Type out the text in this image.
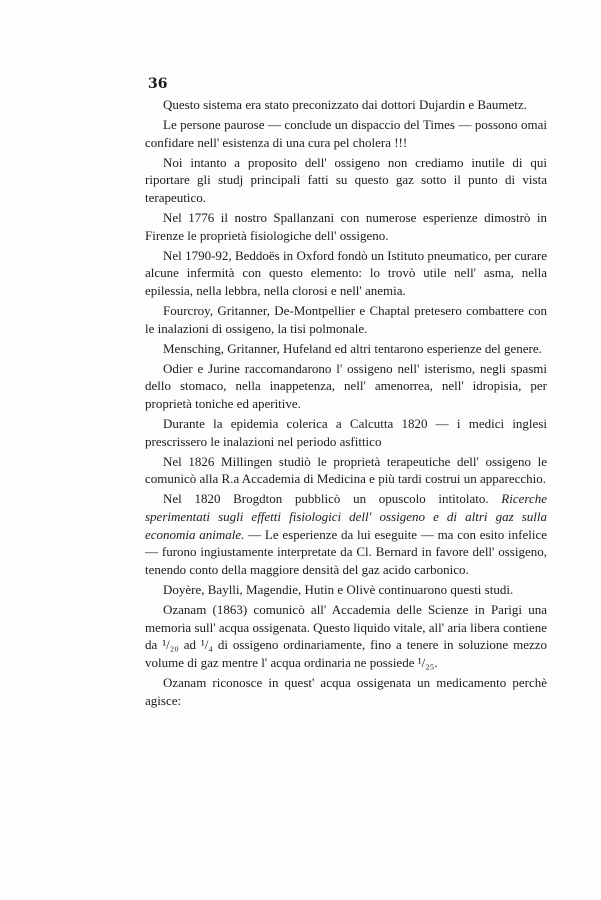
36

Questo sistema era stato preconizzato dai dottori Dujardin e Baumetz.

Le persone paurose — conclude un dispaccio del Times — possono omai confidare nell' esistenza di una cura pel cholera !!!

Noi intanto a proposito dell' ossigeno non crediamo inutile di qui riportare gli studj principali fatti su questo gaz sotto il punto di vista terapeutico.

Nel 1776 il nostro Spallanzani con numerose esperienze dimostrò in Firenze le proprietà fisiologiche dell' ossigeno.

Nel 1790-92, Beddoës in Oxford fondò un Istituto pneumatico, per curare alcune infermità con questo elemento: lo trovò utile nell' asma, nella epilessia, nella lebbra, nella clorosi e nell' anemia.

Fourcroy, Gritanner, De-Montpellier e Chaptal pretesero combattere con le inalazioni di ossigeno, la tisi polmonale.

Mensching, Gritanner, Hufeland ed altri tentarono esperienze del genere.

Odier e Jurine raccomandarono l' ossigeno nell' isterismo, negli spasmi dello stomaco, nella inappetenza, nell' amenorrea, nell' idropisia, per proprietà toniche ed aperitive.

Durante la epidemia colerica a Calcutta 1820 — i medici inglesi prescrissero le inalazioni nel periodo asfittico

Nel 1826 Millingen studiò le proprietà terapeutiche dell' ossigeno le comunicò alla R.a Accademia di Medicina e più tardi costrui un apparecchio.

Nel 1820 Brogdton pubblicò un opuscolo intitolato. Ricerche sperimentati sugli effetti fisiologici dell' ossigeno e di altri gaz sulla economia animale. — Le esperienze da lui eseguite — ma con esito infelice — furono ingiustamente interpretate da Cl. Bernard in favore dell' ossigeno, tenendo conto della maggiore densità del gaz acido carbonico.

Doyère, Baylli, Magendie, Hutin e Olivè continuarono questi studi.

Ozanam (1863) comunicò all' Accademia delle Scienze in Parigi una memoria sull' acqua ossigenata. Questo liquido vitale, all' aria libera contiene da ¹/₂₀ ad ¹/₄ di ossigeno ordinariamente, fino a tenere in soluzione mezzo volume di gaz mentre l' acqua ordinaria ne possiede ¹/₂₅.

Ozanam riconosce in quest' acqua ossigenata un medicamento perchè agisce:
